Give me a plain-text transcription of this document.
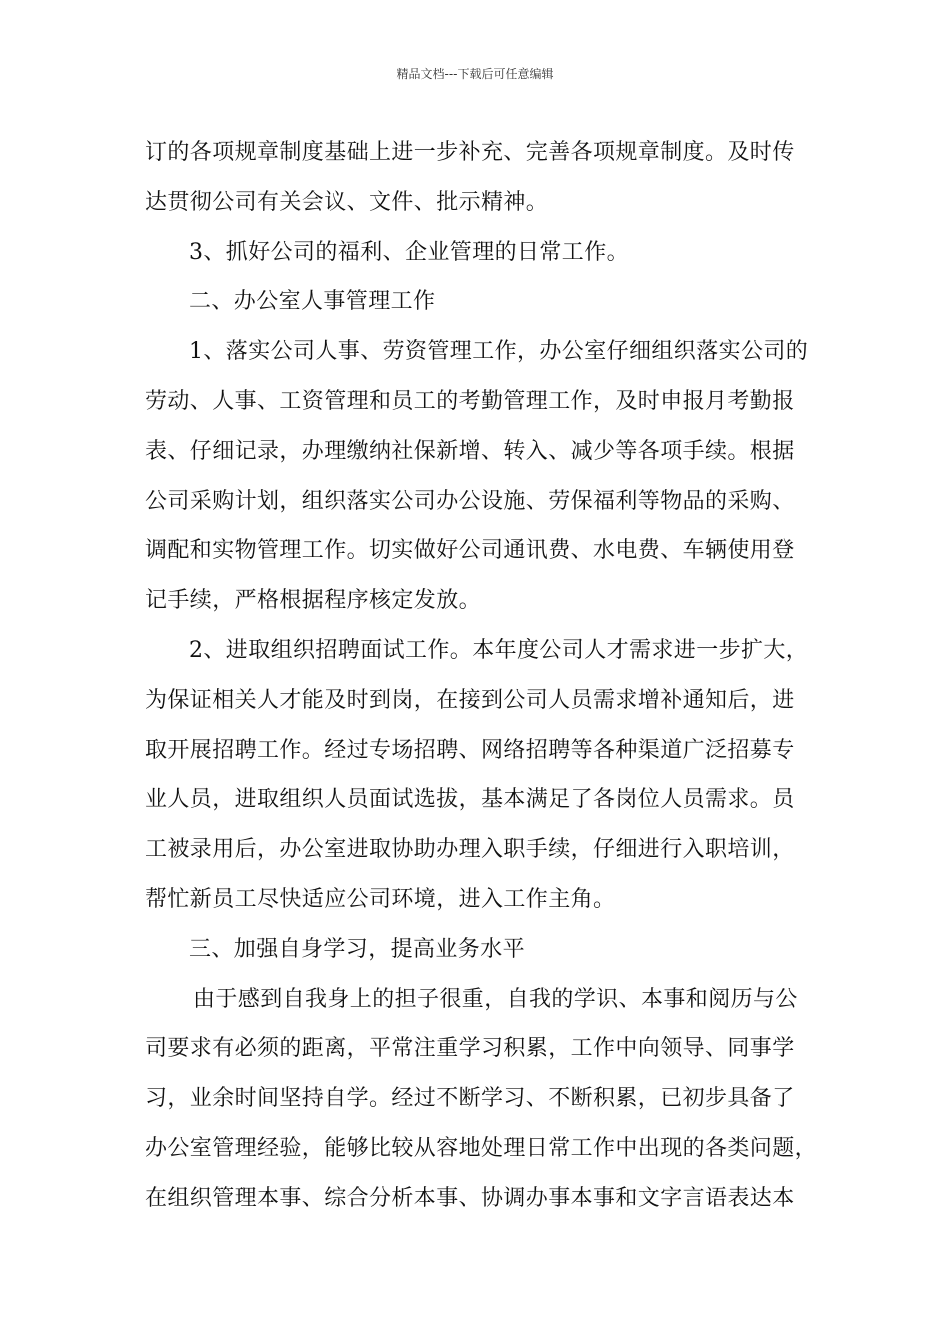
精品文档---下载后可任意编辑
订的各项规章制度基础上进一步补充、完善各项规章制度。及时传
达贯彻公司有关会议、文件、批示精神。
3、抓好公司的福利、企业管理的日常工作。
二、办公室人事管理工作
1、落实公司人事、劳资管理工作，办公室仔细组织落实公司的
劳动、人事、工资管理和员工的考勤管理工作，及时申报月考勤报
表、仔细记录，办理缴纳社保新增、转入、减少等各项手续。根据
公司采购计划，组织落实公司办公设施、劳保福利等物品的采购、
调配和实物管理工作。切实做好公司通讯费、水电费、车辆使用登
记手续，严格根据程序核定发放。
2、进取组织招聘面试工作。本年度公司人才需求进一步扩大，
为保证相关人才能及时到岗，在接到公司人员需求增补通知后，进
取开展招聘工作。经过专场招聘、网络招聘等各种渠道广泛招募专
业人员，进取组织人员面试选拔，基本满足了各岗位人员需求。员
工被录用后，办公室进取协助办理入职手续，仔细进行入职培训，
帮忙新员工尽快适应公司环境，进入工作主角。
三、加强自身学习，提高业务水平
由于感到自我身上的担子很重，自我的学识、本事和阅历与公
司要求有必须的距离，平常注重学习积累，工作中向领导、同事学
习，业余时间坚持自学。经过不断学习、不断积累，已初步具备了
办公室管理经验，能够比较从容地处理日常工作中出现的各类问题，
在组织管理本事、综合分析本事、协调办事本事和文字言语表达本
